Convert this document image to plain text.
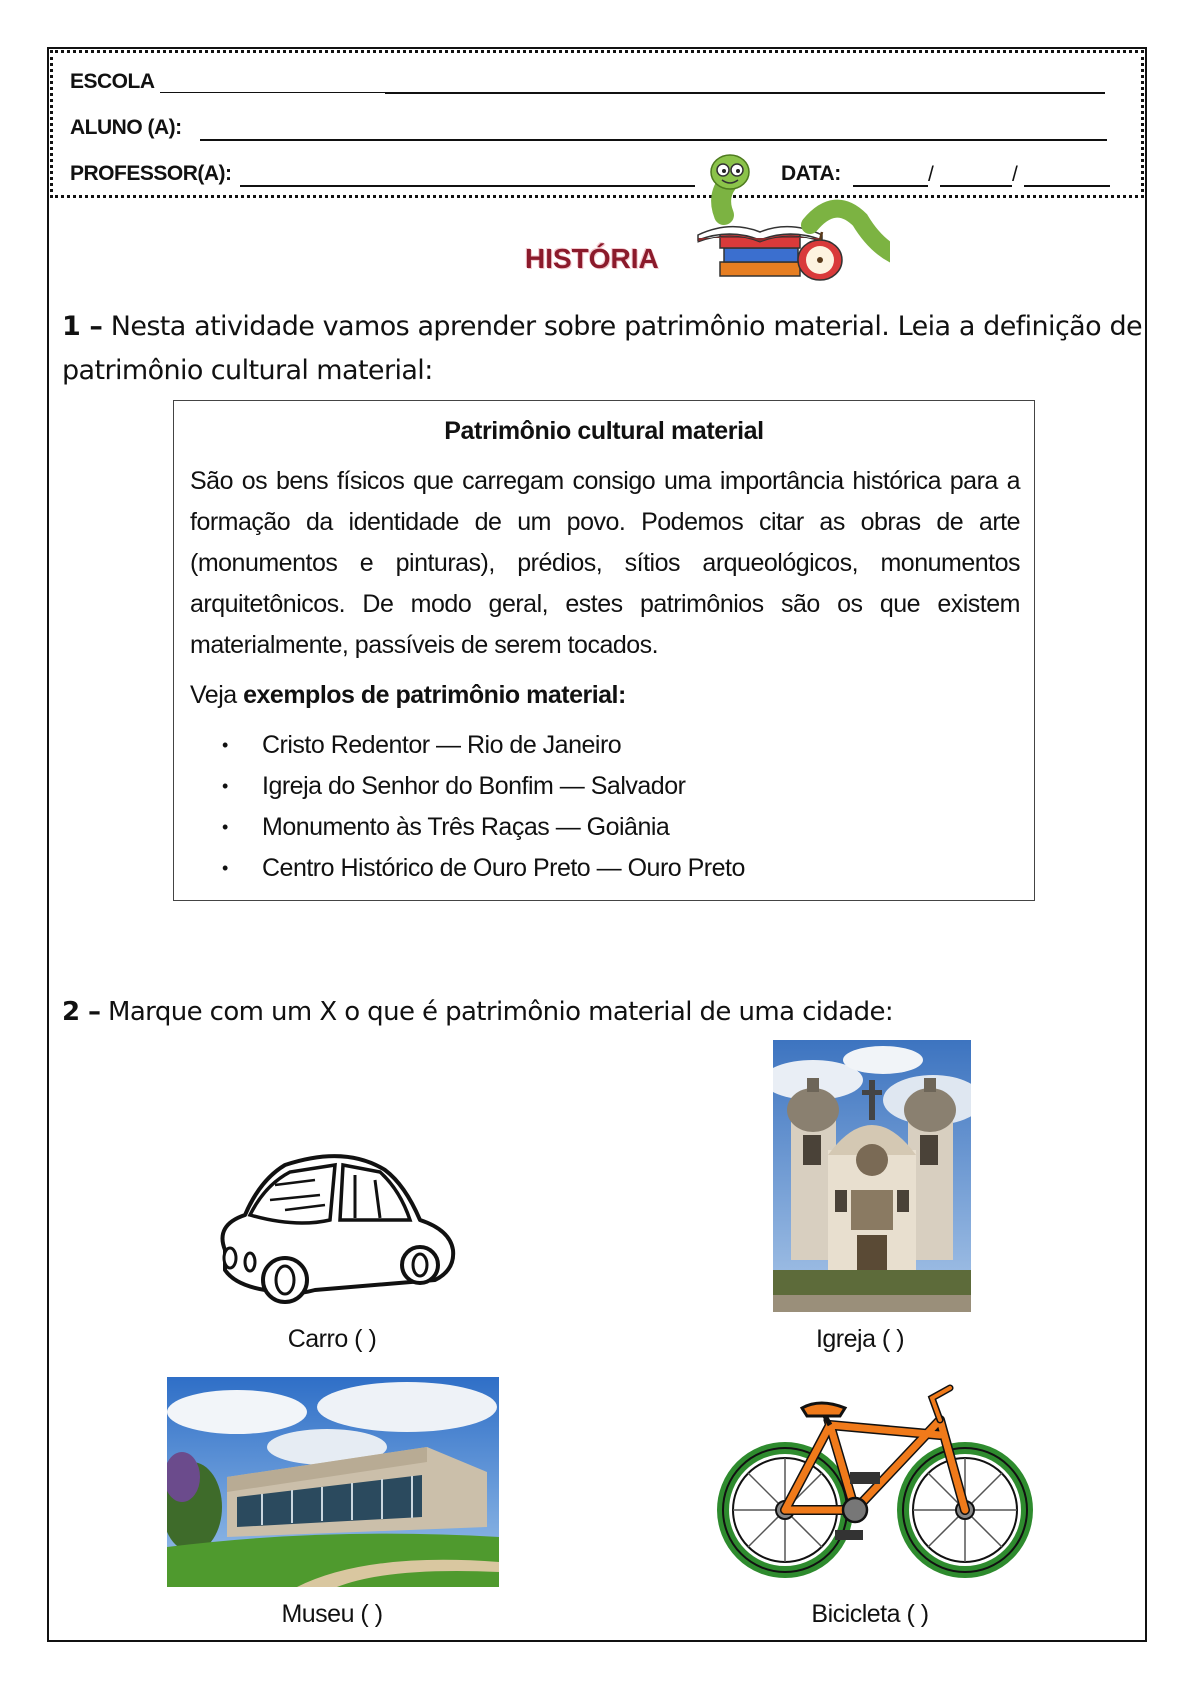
ESCOLA
ALUNO (A):
PROFESSOR(A):	DATA:	/	/
HISTÓRIA
1 – Nesta atividade vamos aprender sobre patrimônio material. Leia a definição de patrimônio cultural material:
Patrimônio cultural material
São os bens físicos que carregam consigo uma importância histórica para a formação da identidade de um povo. Podemos citar as obras de arte (monumentos e pinturas), prédios, sítios arqueológicos, monumentos arquitetônicos. De modo geral, estes patrimônios são os que existem materialmente, passíveis de serem tocados.
Veja exemplos de patrimônio material:
• Cristo Redentor — Rio de Janeiro
• Igreja do Senhor do Bonfim — Salvador
• Monumento às Três Raças — Goiânia
• Centro Histórico de Ouro Preto — Ouro Preto
2 – Marque com um X o que é patrimônio material de uma cidade:
Carro ( )	Igreja ( )
Museu ( )	Bicicleta ( )
